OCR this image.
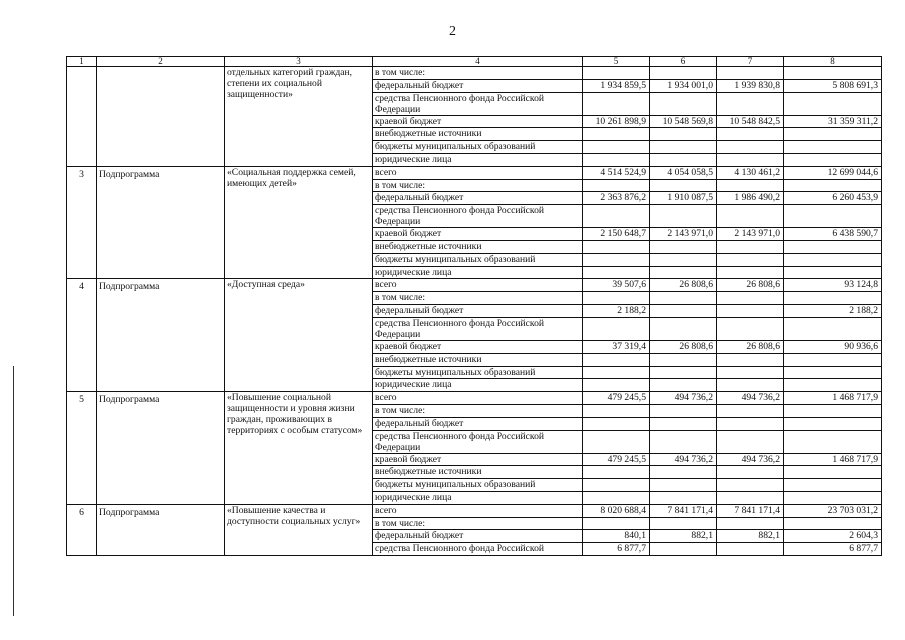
2
1	2	3	4	5	6	7	8
		отдельных категорий граждан, степени их социальной защищенности»	в том числе:				
			федеральный бюджет	1 934 859,5	1 934 001,0	1 939 830,8	5 808 691,3
			средства Пенсионного фонда Российской Федерации				

			краевой бюджет	10 261 898,9	10 548 569,8	10 548 842,5	31 359 311,2
			внебюджетные источники				
			бюджеты муниципальных образований				
			юридические лица				
3	Подпрограмма	«Социальная поддержка семей, имеющих детей»	всего	4 514 524,9	4 054 058,5	4 130 461,2	12 699 044,6
			в том числе:				
			федеральный бюджет	2 363 876,2	1 910 087,5	1 986 490,2	6 260 453,9
			средства Пенсионного фонда Российской Федерации				

			краевой бюджет	2 150 648,7	2 143 971,0	2 143 971,0	6 438 590,7
			внебюджетные источники				
			бюджеты муниципальных образований				
			юридические лица				
4	Подпрограмма	«Доступная среда»	всего	39 507,6	26 808,6	26 808,6	93 124,8
			в том числе:				
			федеральный бюджет	2 188,2			2 188,2
			средства Пенсионного фонда Российской Федерации				

			краевой бюджет	37 319,4	26 808,6	26 808,6	90 936,6
			внебюджетные источники				
			бюджеты муниципальных образований				
			юридические лица				
5	Подпрограмма	«Повышение социальной защищенности и уровня жизни граждан, проживающих в территориях с особым статусом»	всего	479 245,5	494 736,2	494 736,2	1 468 717,9
			в том числе:				
			федеральный бюджет				
			средства Пенсионного фонда Российской Федерации				

			краевой бюджет	479 245,5	494 736,2	494 736,2	1 468 717,9
			внебюджетные источники				
			бюджеты муниципальных образований				
			юридические лица				
6	Подпрограмма	«Повышение качества и доступности социальных услуг»	всего	8 020 688,4	7 841 171,4	7 841 171,4	23 703 031,2
			в том числе:				
			федеральный бюджет	840,1	882,1	882,1	2 604,3
			средства Пенсионного фонда Российской	6 877,7			6 877,7
